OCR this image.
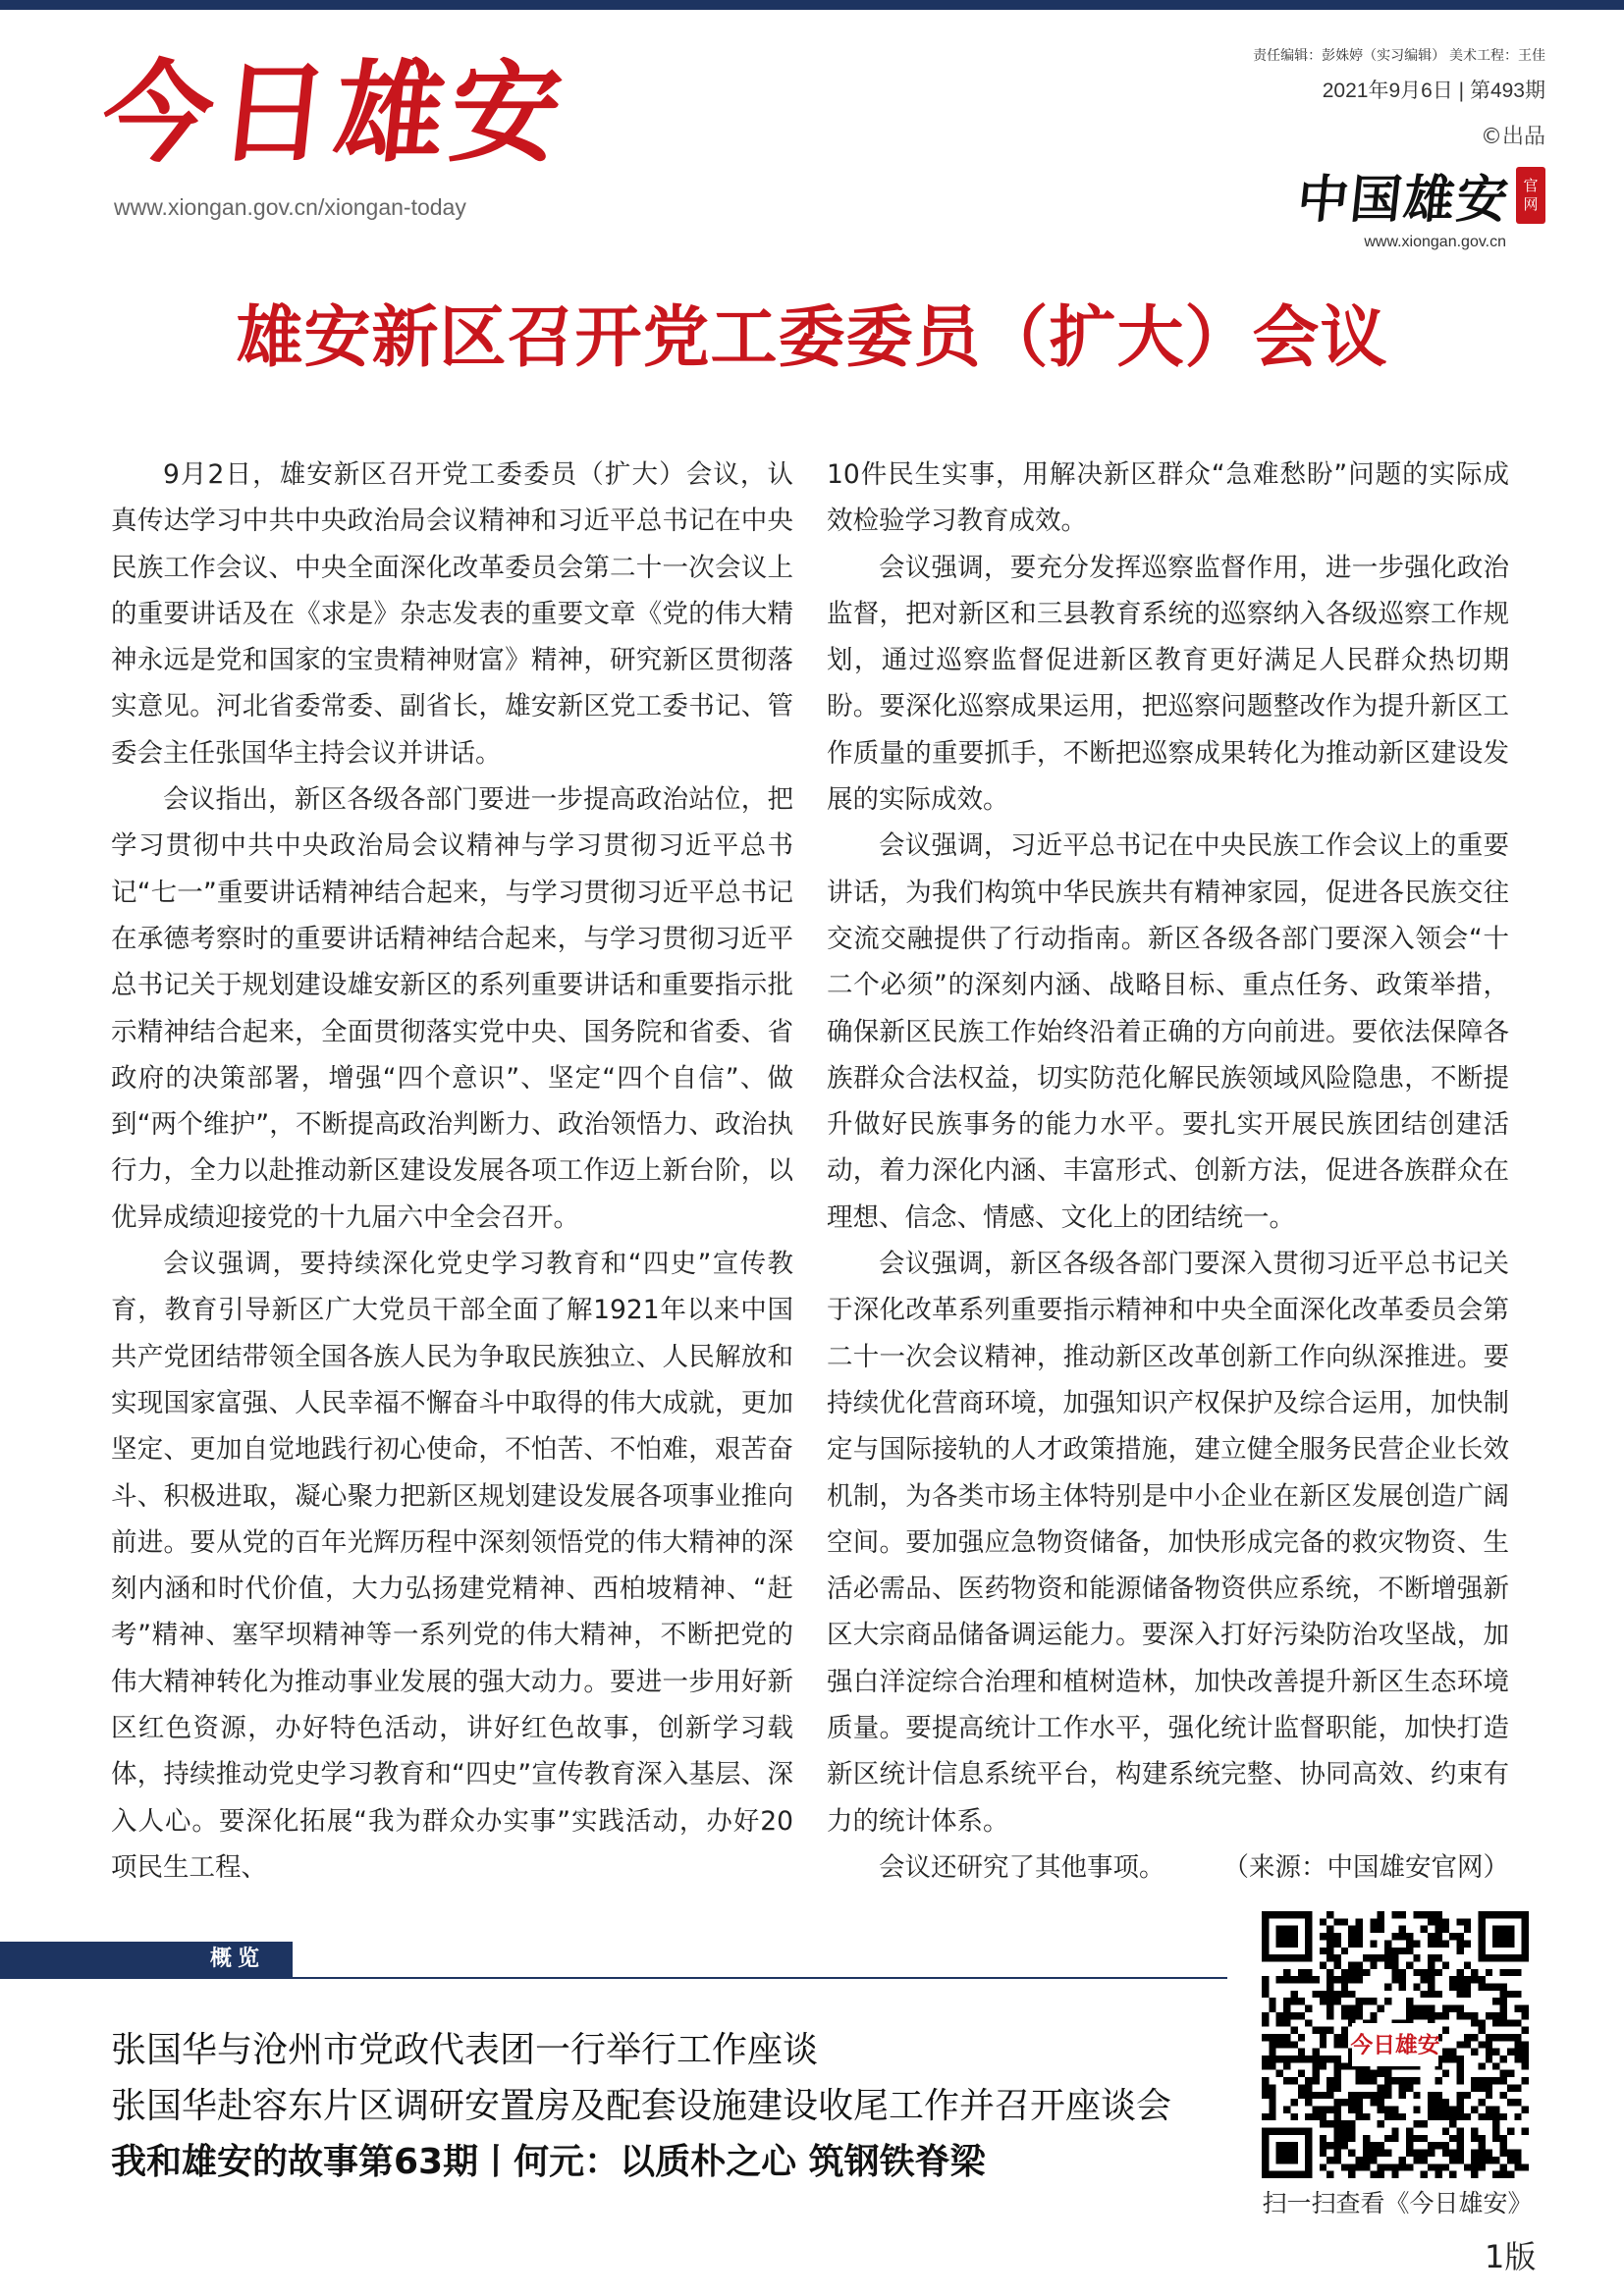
今日雄安
www.xiongan.gov.cn/xiongan-today
责任编辑：彭姝婷（实习编辑） 美术工程：王佳
2021年9月6日 | 第493期
©出品
中国雄安 官
网
www.xiongan.gov.cn
雄安新区召开党工委委员（扩大）会议

9月2日，雄安新区召开党工委委员（扩大）会议，认真传达学习中共中央政治局会议精神和习近平总书记在中央民族工作会议、中央全面深化改革委员会第二十一次会议上的重要讲话及在《求是》杂志发表的重要文章《党的伟大精神永远是党和国家的宝贵精神财富》精神，研究新区贯彻落实意见。河北省委常委、副省长，雄安新区党工委书记、管委会主任张国华主持会议并讲话。

会议指出，新区各级各部门要进一步提高政治站位，把学习贯彻中共中央政治局会议精神与学习贯彻习近平总书记“七一”重要讲话精神结合起来，与学习贯彻习近平总书记在承德考察时的重要讲话精神结合起来，与学习贯彻习近平总书记关于规划建设雄安新区的系列重要讲话和重要指示批示精神结合起来，全面贯彻落实党中央、国务院和省委、省政府的决策部署，增强“四个意识”、坚定“四个自信”、做到“两个维护”，不断提高政治判断力、政治领悟力、政治执行力，全力以赴推动新区建设发展各项工作迈上新台阶，以优异成绩迎接党的十九届六中全会召开。

会议强调，要持续深化党史学习教育和“四史”宣传教育，教育引导新区广大党员干部全面了解1921年以来中国共产党团结带领全国各族人民为争取民族独立、人民解放和实现国家富强、人民幸福不懈奋斗中取得的伟大成就，更加坚定、更加自觉地践行初心使命，不怕苦、不怕难，艰苦奋斗、积极进取，凝心聚力把新区规划建设发展各项事业推向前进。要从党的百年光辉历程中深刻领悟党的伟大精神的深刻内涵和时代价值，大力弘扬建党精神、西柏坡精神、“赶考”精神、塞罕坝精神等一系列党的伟大精神，不断把党的伟大精神转化为推动事业发展的强大动力。要进一步用好新区红色资源，办好特色活动，讲好红色故事，创新学习载体，持续推动党史学习教育和“四史”宣传教育深入基层、深入人心。要深化拓展“我为群众办实事”实践活动，办好20项民生工程、

10件民生实事，用解决新区群众“急难愁盼”问题的实际成效检验学习教育成效。

会议强调，要充分发挥巡察监督作用，进一步强化政治监督，把对新区和三县教育系统的巡察纳入各级巡察工作规划，通过巡察监督促进新区教育更好满足人民群众热切期盼。要深化巡察成果运用，把巡察问题整改作为提升新区工作质量的重要抓手，不断把巡察成果转化为推动新区建设发展的实际成效。

会议强调，习近平总书记在中央民族工作会议上的重要讲话，为我们构筑中华民族共有精神家园，促进各民族交往交流交融提供了行动指南。新区各级各部门要深入领会“十二个必须”的深刻内涵、战略目标、重点任务、政策举措，确保新区民族工作始终沿着正确的方向前进。要依法保障各族群众合法权益，切实防范化解民族领域风险隐患，不断提升做好民族事务的能力水平。要扎实开展民族团结创建活动，着力深化内涵、丰富形式、创新方法，促进各族群众在理想、信念、情感、文化上的团结统一。

会议强调，新区各级各部门要深入贯彻习近平总书记关于深化改革系列重要指示精神和中央全面深化改革委员会第二十一次会议精神，推动新区改革创新工作向纵深推进。要持续优化营商环境，加强知识产权保护及综合运用，加快制定与国际接轨的人才政策措施，建立健全服务民营企业长效机制，为各类市场主体特别是中小企业在新区发展创造广阔空间。要加强应急物资储备，加快形成完备的救灾物资、生活必需品、医药物资和能源储备物资供应系统，不断增强新区大宗商品储备调运能力。要深入打好污染防治攻坚战，加强白洋淀综合治理和植树造林，加快改善提升新区生态环境质量。要提高统计工作水平，强化统计监督职能，加快打造新区统计信息系统平台，构建系统完整、协同高效、约束有力的统计体系。

会议还研究了其他事项。	（来源：中国雄安官网）

概览
张国华与沧州市党政代表团一行举行工作座谈
张国华赴容东片区调研安置房及配套设施建设收尾工作并召开座谈会
我和雄安的故事第63期丨何元：以质朴之心 筑钢铁脊梁
今日雄安
扫一扫查看《今日雄安》
1版
